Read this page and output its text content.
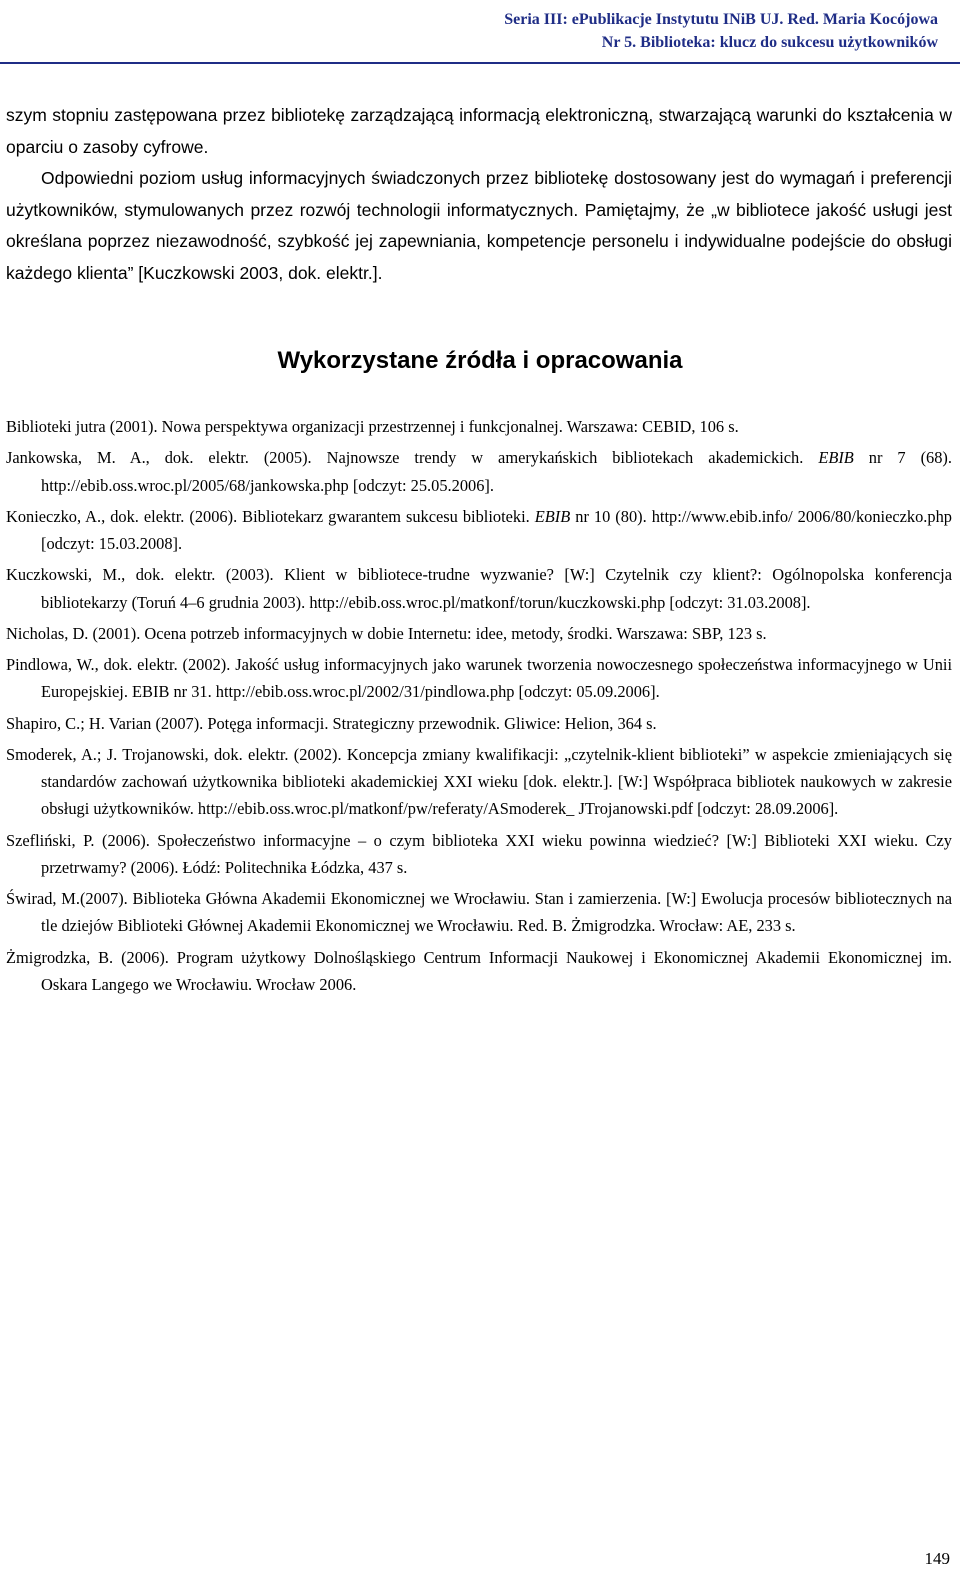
Seria III: ePublikacje Instytutu INiB UJ. Red. Maria Kocójowa
Nr 5. Biblioteka: klucz do sukcesu użytkowników

szym stopniu zastępowana przez bibliotekę zarządzającą informacją elektroniczną, stwarzającą warunki do kształcenia w oparciu o zasoby cyfrowe.

Odpowiedni poziom usług informacyjnych świadczonych przez bibliotekę dostosowany jest do wymagań i preferencji użytkowników, stymulowanych przez rozwój technologii informatycznych. Pamiętajmy, że „w bibliotece jakość usługi jest określana poprzez niezawodność, szybkość jej zapewniania, kompetencje personelu i indywidualne podejście do obsługi każdego klienta” [Kuczkowski 2003, dok. elektr.].

Wykorzystane źródła i opracowania

Biblioteki jutra (2001). Nowa perspektywa organizacji przestrzennej i funkcjonalnej. Warszawa: CEBID, 106 s.

Jankowska, M. A., dok. elektr. (2005). Najnowsze trendy w amerykańskich bibliotekach akademickich. EBIB nr 7 (68). http://ebib.oss.wroc.pl/2005/68/jankowska.php [odczyt: 25.05.2006].

Konieczko, A., dok. elektr. (2006). Bibliotekarz gwarantem sukcesu biblioteki. EBIB nr 10 (80). http://www.ebib.info/ 2006/80/konieczko.php [odczyt: 15.03.2008].

Kuczkowski, M., dok. elektr. (2003). Klient w bibliotece-trudne wyzwanie? [W:] Czytelnik czy klient?: Ogólnopolska konferencja bibliotekarzy (Toruń 4–6 grudnia 2003). http://ebib.oss.wroc.pl/matkonf/torun/kuczkowski.php [odczyt: 31.03.2008].

Nicholas, D. (2001). Ocena potrzeb informacyjnych w dobie Internetu: idee, metody, środki. Warszawa: SBP, 123 s.

Pindlowa, W., dok. elektr. (2002). Jakość usług informacyjnych jako warunek tworzenia nowoczesnego społeczeństwa informacyjnego w Unii Europejskiej. EBIB nr 31. http://ebib.oss.wroc.pl/2002/31/pindlowa.php [odczyt: 05.09.2006].

Shapiro, C.; H. Varian (2007). Potęga informacji. Strategiczny przewodnik. Gliwice: Helion, 364 s.

Smoderek, A.; J. Trojanowski, dok. elektr. (2002). Koncepcja zmiany kwalifikacji: „czytelnik-klient biblioteki” w aspekcie zmieniających się standardów zachowań użytkownika biblioteki akademickiej XXI wieku [dok. elektr.]. [W:] Współpraca bibliotek naukowych w zakresie obsługi użytkowników. http://ebib.oss.wroc.pl/matkonf/pw/referaty/ASmoderek_ JTrojanowski.pdf [odczyt: 28.09.2006].

Szefliński, P. (2006). Społeczeństwo informacyjne – o czym biblioteka XXI wieku powinna wiedzieć? [W:] Biblioteki XXI wieku. Czy przetrwamy? (2006). Łódź: Politechnika Łódzka, 437 s.

Świrad, M.(2007). Biblioteka Główna Akademii Ekonomicznej we Wrocławiu. Stan i zamierzenia. [W:] Ewolucja procesów bibliotecznych na tle dziejów Biblioteki Głównej Akademii Ekonomicznej we Wrocławiu. Red. B. Żmigrodzka. Wrocław: AE, 233 s.

Żmigrodzka, B. (2006). Program użytkowy Dolnośląskiego Centrum Informacji Naukowej i Ekonomicznej Akademii Ekonomicznej im. Oskara Langego we Wrocławiu. Wrocław 2006.

149
